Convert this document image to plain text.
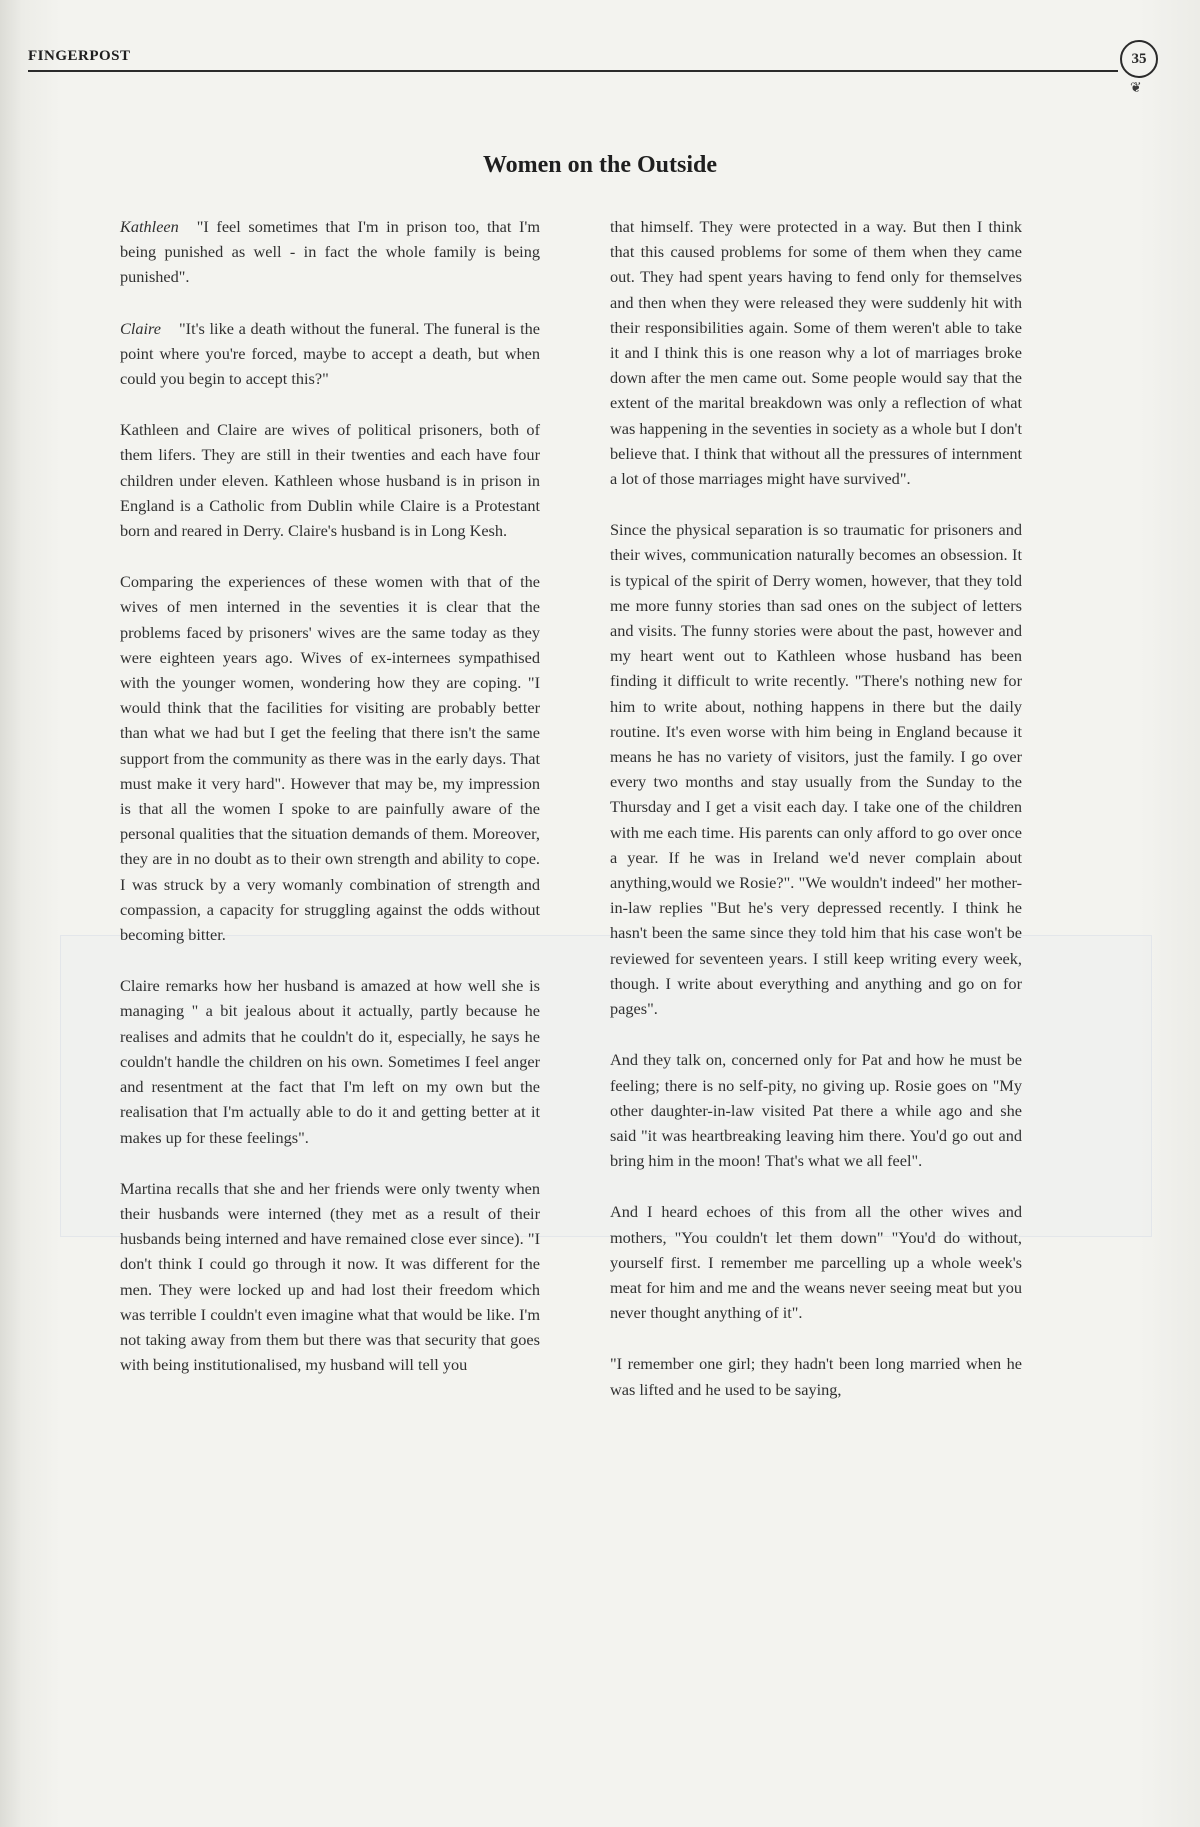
FINGERPOST	35
❦
Women on the Outside

Kathleen "I feel sometimes that I'm in prison too, that I'm being punished as well - in fact the whole family is being punished".

Claire "It's like a death without the funeral. The funeral is the point where you're forced, maybe to accept a death, but when could you begin to accept this?"

Kathleen and Claire are wives of political prisoners, both of them lifers. They are still in their twenties and each have four children under eleven. Kathleen whose husband is in prison in England is a Catholic from Dublin while Claire is a Protestant born and reared in Derry. Claire's husband is in Long Kesh.

Comparing the experiences of these women with that of the wives of men interned in the seventies it is clear that the problems faced by prisoners' wives are the same today as they were eighteen years ago. Wives of ex-internees sympathised with the younger women, wondering how they are coping. "I would think that the facilities for visiting are probably better than what we had but I get the feeling that there isn't the same support from the community as there was in the early days. That must make it very hard". However that may be, my impression is that all the women I spoke to are painfully aware of the personal qualities that the situation demands of them. Moreover, they are in no doubt as to their own strength and ability to cope. I was struck by a very womanly combination of strength and compassion, a capacity for struggling against the odds without becoming bitter.

Claire remarks how her husband is amazed at how well she is managing " a bit jealous about it actually, partly because he realises and admits that he couldn't do it, especially, he says he couldn't handle the children on his own. Sometimes I feel anger and resentment at the fact that I'm left on my own but the realisation that I'm actually able to do it and getting better at it makes up for these feelings".

Martina recalls that she and her friends were only twenty when their husbands were interned (they met as a result of their husbands being interned and have remained close ever since). "I don't think I could go through it now. It was different for the men. They were locked up and had lost their freedom which was terrible I couldn't even imagine what that would be like. I'm not taking away from them but there was that security that goes with being institutionalised, my husband will tell you

that himself. They were protected in a way. But then I think that this caused problems for some of them when they came out. They had spent years having to fend only for themselves and then when they were released they were suddenly hit with their responsibilities again. Some of them weren't able to take it and I think this is one reason why a lot of marriages broke down after the men came out. Some people would say that the extent of the marital breakdown was only a reflection of what was happening in the seventies in society as a whole but I don't believe that. I think that without all the pressures of internment a lot of those marriages might have survived".

Since the physical separation is so traumatic for prisoners and their wives, communication naturally becomes an obsession. It is typical of the spirit of Derry women, however, that they told me more funny stories than sad ones on the subject of letters and visits. The funny stories were about the past, however and my heart went out to Kathleen whose husband has been finding it difficult to write recently. "There's nothing new for him to write about, nothing happens in there but the daily routine. It's even worse with him being in England because it means he has no variety of visitors, just the family. I go over every two months and stay usually from the Sunday to the Thursday and I get a visit each day. I take one of the children with me each time. His parents can only afford to go over once a year. If he was in Ireland we'd never complain about anything,would we Rosie?". "We wouldn't indeed" her mother-in-law replies "But he's very depressed recently. I think he hasn't been the same since they told him that his case won't be reviewed for seventeen years. I still keep writing every week, though. I write about everything and anything and go on for pages".

And they talk on, concerned only for Pat and how he must be feeling; there is no self-pity, no giving up. Rosie goes on "My other daughter-in-law visited Pat there a while ago and she said "it was heartbreaking leaving him there. You'd go out and bring him in the moon! That's what we all feel".

And I heard echoes of this from all the other wives and mothers, "You couldn't let them down" "You'd do without, yourself first. I remember me parcelling up a whole week's meat for him and me and the weans never seeing meat but you never thought anything of it".

"I remember one girl; they hadn't been long married when he was lifted and he used to be saying,
